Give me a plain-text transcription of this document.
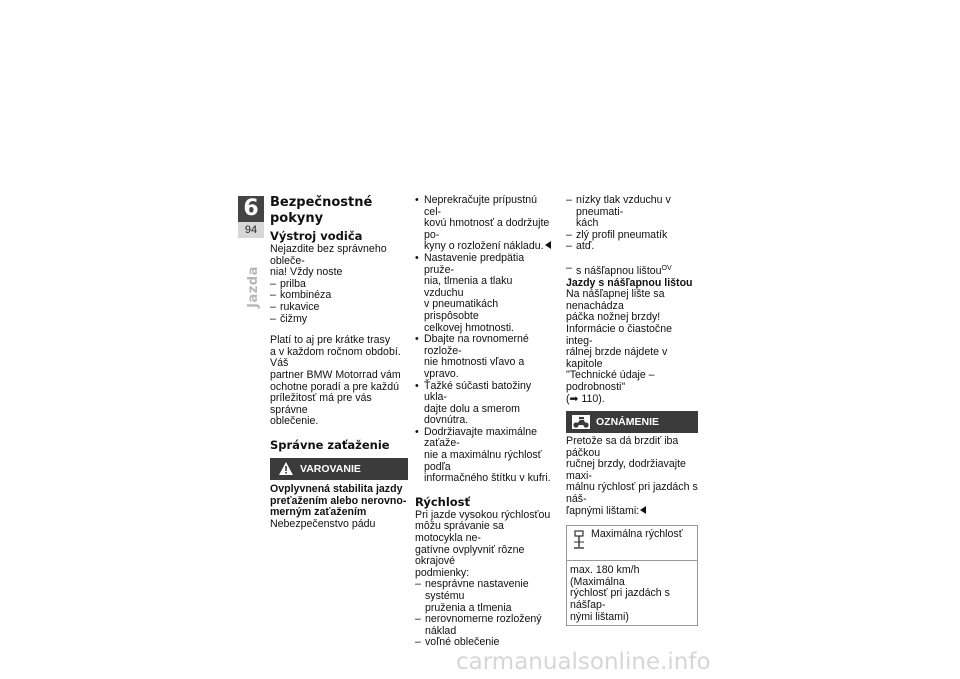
6
94
Jazda
Bezpečnostné pokyny
Výstroj vodiča

Nejazdite bez správneho obleče-

nia! Vždy noste

– prilba
– kombinéza
– rukavice
– čižmy

Platí to aj pre krátke trasy

a v každom ročnom období. Váš

partner BMW Motorrad vám

ochotne poradí a pre každú

príležitosť má pre vás správne

oblečenie.

Správne zaťaženie
VAROVANIE

Ovplyvnená stabilita jazdy

preťažením alebo nerovno-

merným zaťažením

Nebezpečenstvo pádu

• Neprekračujte prípustnú cel-

kovú hmotnosť a dodržujte po-

kyny o rozložení nákladu.

• Nastavenie predpätia pruže-

nia, tlmenia a tlaku vzduchu

v pneumatikách prispôsobte

celkovej hmotnosti.

• Dbajte na rovnomerné rozlože-

nie hmotnosti vľavo a vpravo.

• Ťažké súčasti batožiny ukla-

dajte dolu a smerom dovnútra.

• Dodržiavajte maximálne zaťaže-

nie a maximálnu rýchlosť podľa

informačného štítku v kufri.

Rýchlosť

Pri jazde vysokou rýchlosťou

môžu správanie sa motocykla ne-

gatívne ovplyvniť rôzne okrajové

podmienky:

– nesprávne nastavenie systému

pruženia a tlmenia

– nerovnomerne rozložený náklad
– voľné oblečenie

– nízky tlak vzduchu v pneumati-

kách

– zlý profil pneumatík
– atď.
– s nášľapnou lištou$^{OV}$

Jazdy s nášľapnou lištou

Na nášľapnej lište sa nenachádza

páčka nožnej brzdy!

Informácie o čiastočne integ-

rálnej brzde nájdete v kapitole

"Technické údaje – podrobnosti"

(➡ 110).

OZNÁMENIE

Pretože sa dá brzdiť iba páčkou

ručnej brzdy, dodržiavajte maxi-

málnu rýchlosť pri jazdách s náš-

ľapnými lištami:

Maximálna rýchlosť

max. 180 km/h (Maximálna

rýchlosť pri jazdách s nášľap-

nými lištami)

carmanualsonline.info
